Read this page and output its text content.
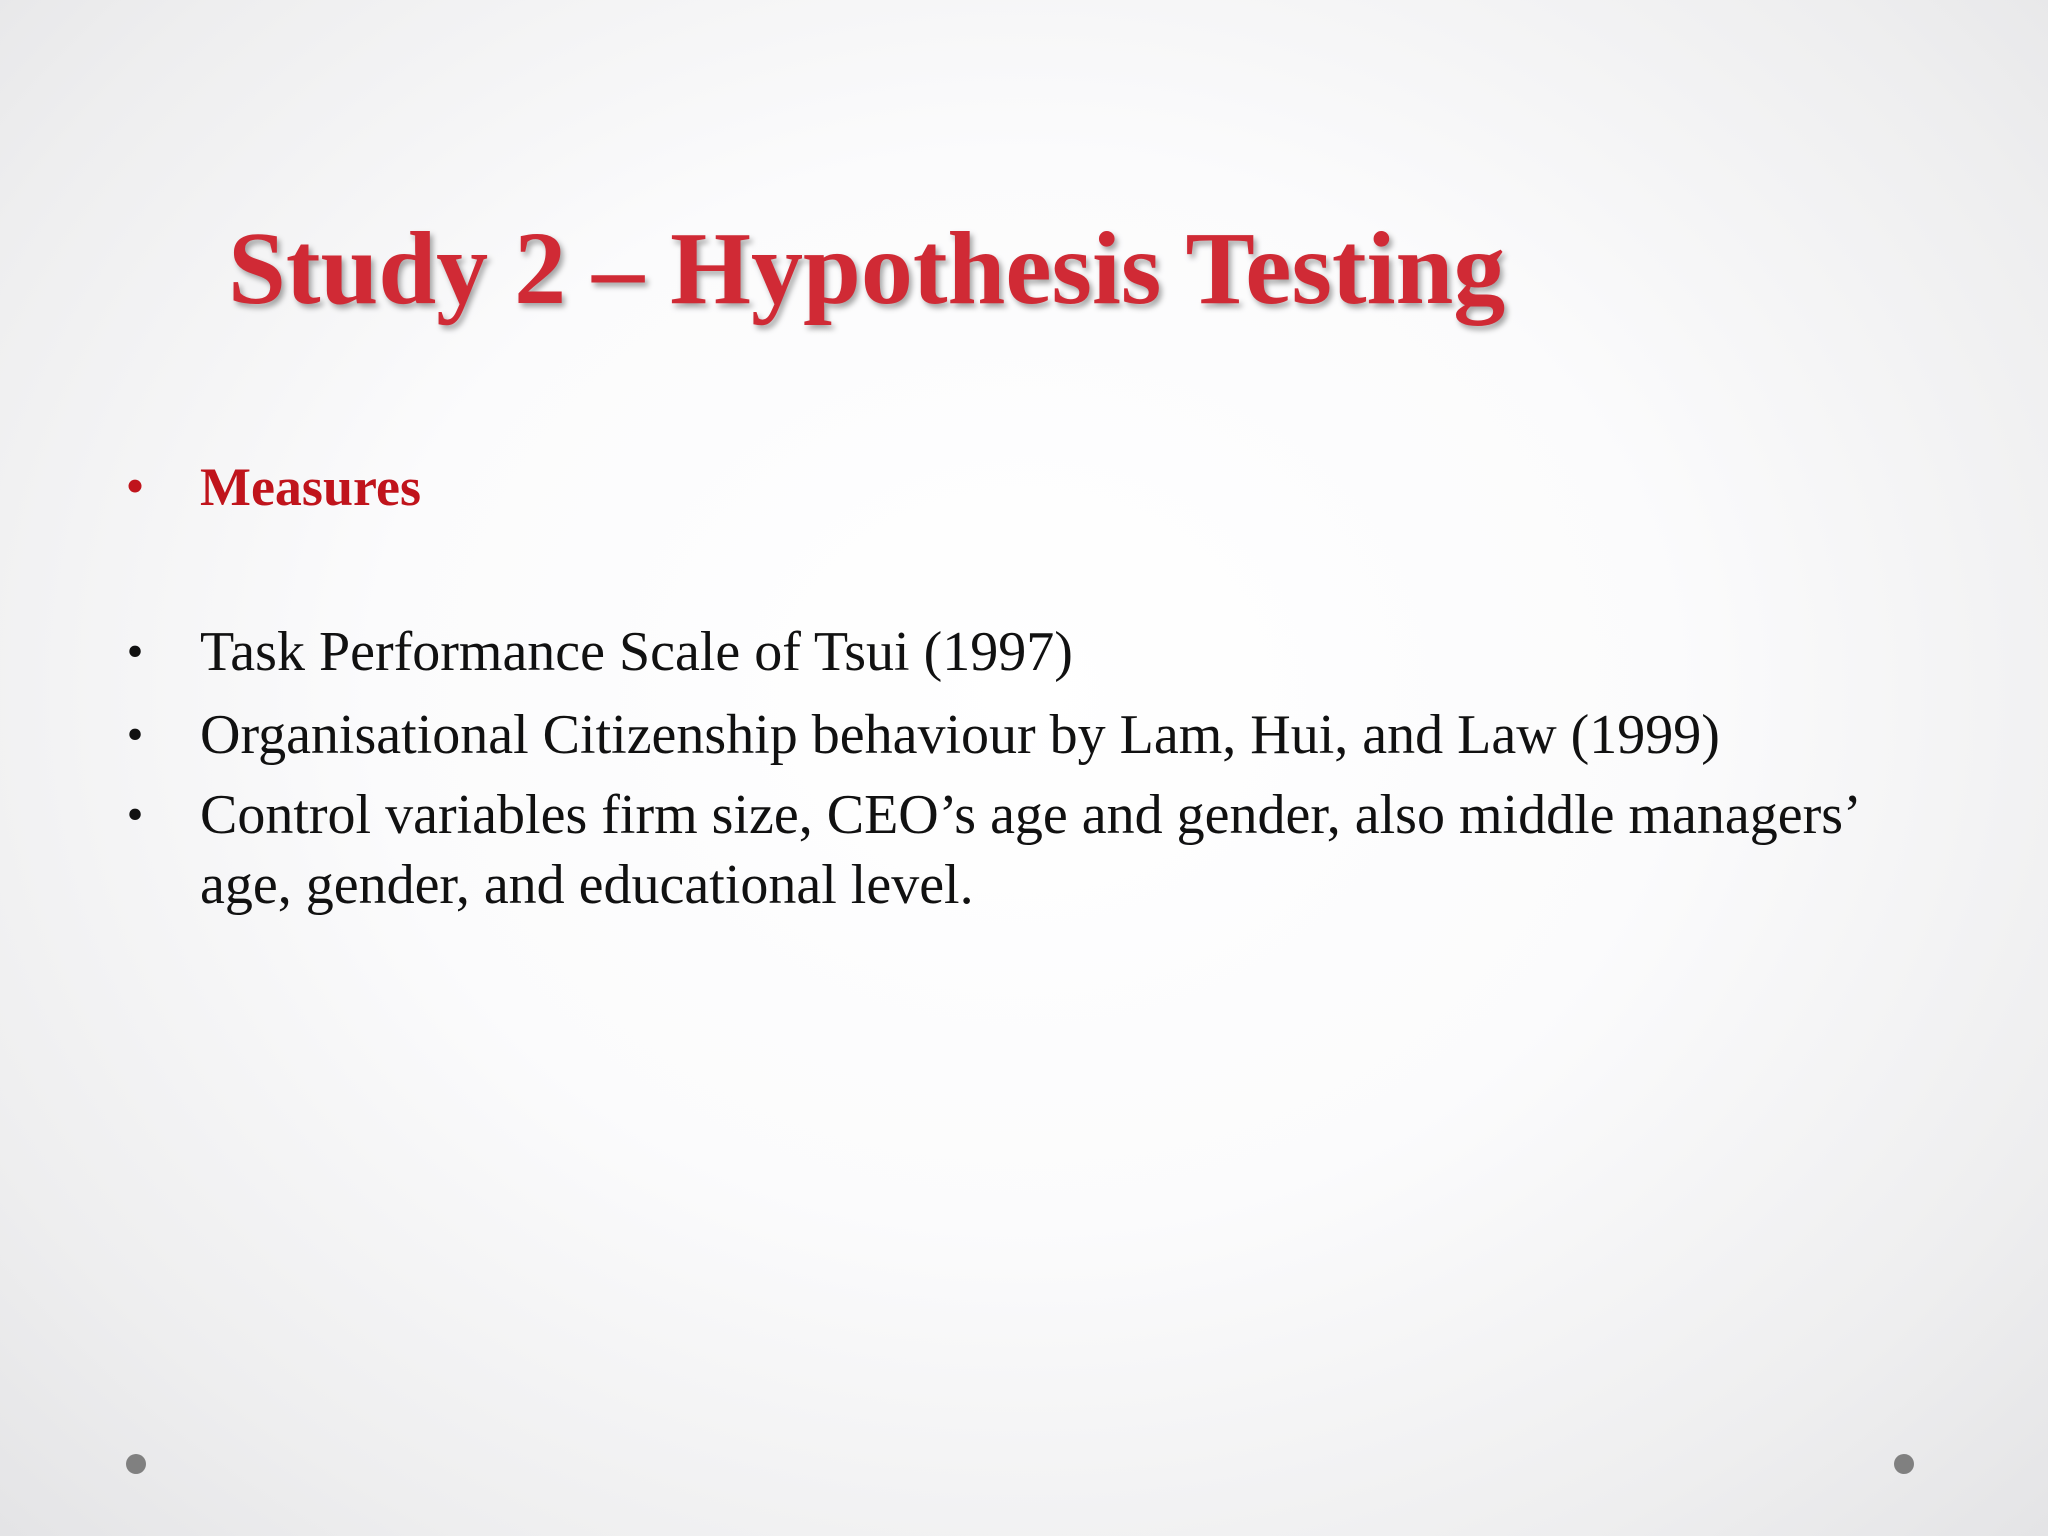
Study 2 – Hypothesis Testing
• Measures
• Task Performance Scale of Tsui (1997)
• Organisational Citizenship behaviour by Lam, Hui, and Law (1999)
• Control variables firm size, CEO’s age and gender, also middle managers’ age, gender, and educational level.
